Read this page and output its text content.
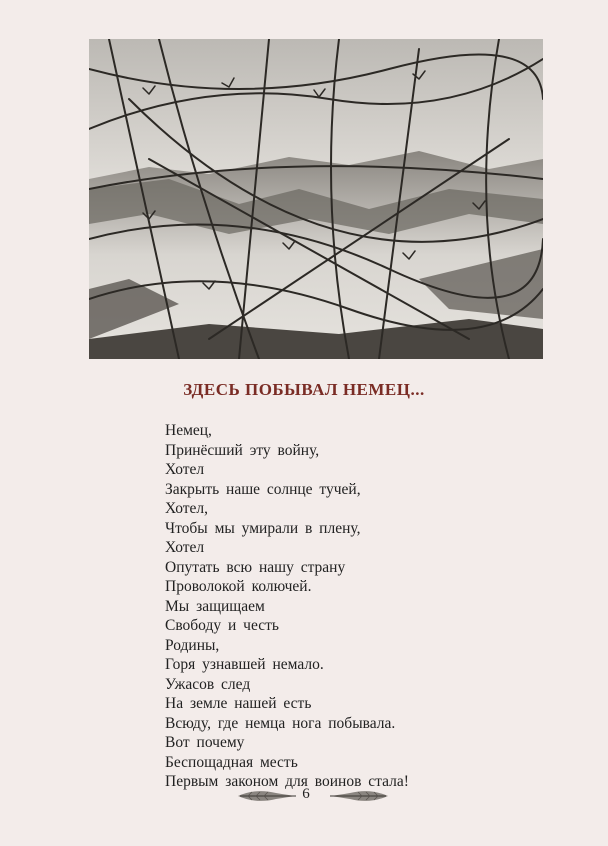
ЗДЕСЬ ПОБЫВАЛ НЕМЕЦ...
Немец,
Принёсший эту войну,
Хотел
Закрыть наше солнце тучей,
Хотел,
Чтобы мы умирали в плену,
Хотел
Опутать всю нашу страну
Проволокой колючей.
Мы защищаем
Свободу и честь
Родины,
Горя узнавшей немало.
Ужасов след
На земле нашей есть
Всюду, где немца нога побывала.
Вот почему
Беспощадная месть
Первым законом для воинов стала!
6
